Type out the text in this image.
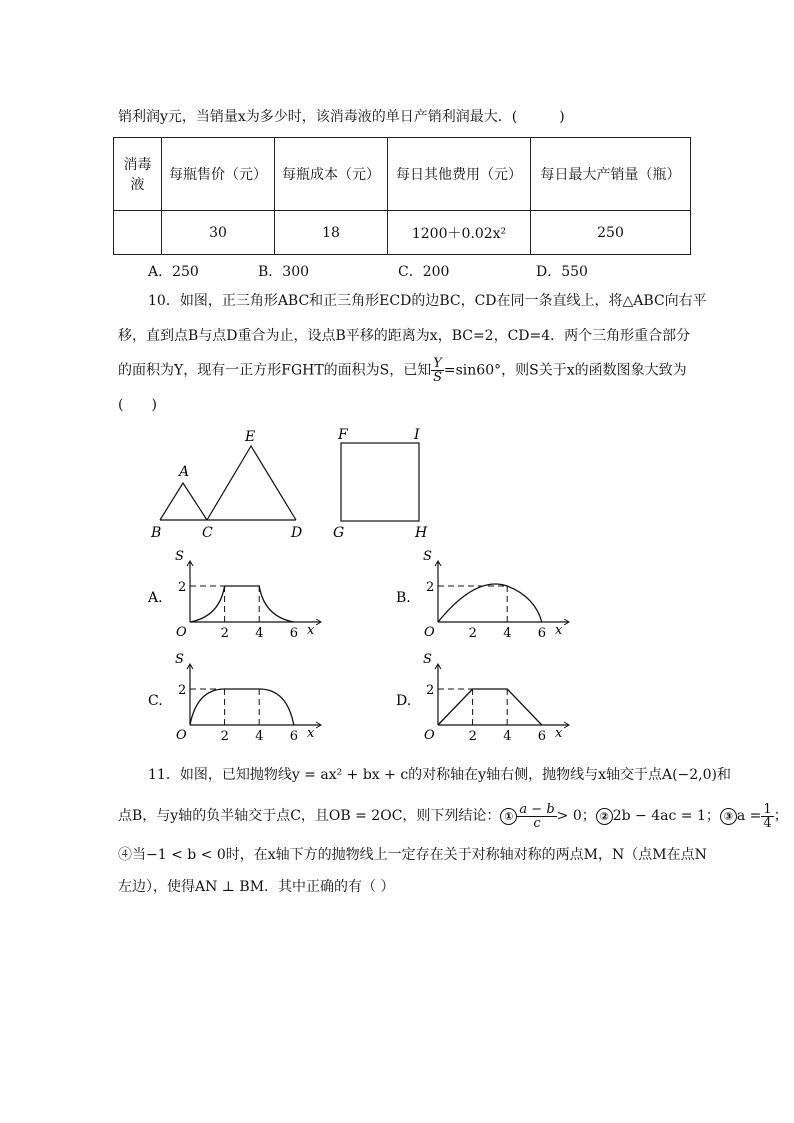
销利润y元，当销量x为多少时，该消毒液的单日产销利润最大．(　　　)
消毒
液	每瓶售价（元）	每瓶成本（元）	每日其他费用（元）	每日最大产销量（瓶）
	30	18	1200＋0.02x²	250
A．250	B．300	C．200	D．550
10．如图，正三角形ABC和正三角形ECD的边BC，CD在同一条直线上，将△ABC向右平
移，直到点B与点D重合为止，设点B平移的距离为x，BC=2，CD=4．两个三角形重合部分
的面积为Y，现有一正方形FGHT的面积为S，已知 $\frac{Y}{S} =\sin 60^\circ$，则S关于x的函数图象大致为
(　　)
A
B	C	D
E	F	I
G	H
A.
S
x
O
2
2 4 6
B.
S
x
O
2
2 4 6
C.
S
x
O
2
2 4 6
D.
S
x
O
2
2 4 6
11．如图，已知抛物线y = ax² + bx + c的对称轴在y轴右侧，抛物线与x轴交于点A(−2,0)和
点B，与y轴的负半轴交于点C，且OB = 2OC，则下列结论： ① $\frac{a - b}{c} > 0$； ② 2b − 4ac = 1； ③ $a = \frac{1}{4}$ ；
④当−1 < b < 0时，在x轴下方的抛物线上一定存在关于对称轴对称的两点M，N（点M在点N
左边），使得AN ⊥ BM．其中正确的有（ ）
